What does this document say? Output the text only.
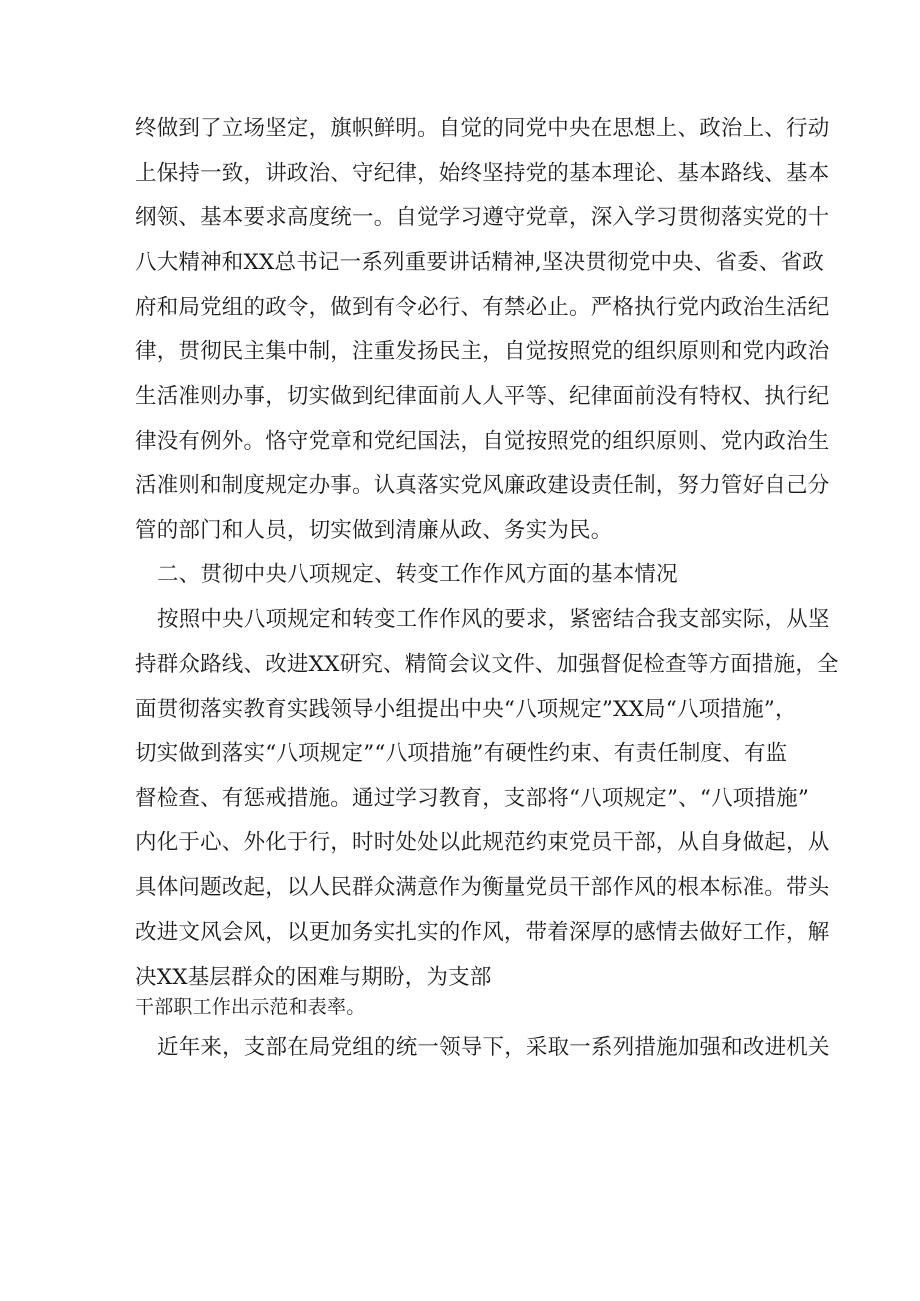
终做到了立场坚定，旗帜鲜明。自觉的同党中央在思想上、政治上、行动
上保持一致，讲政治、守纪律，始终坚持党的基本理论、基本路线、基本
纲领、基本要求高度统一。自觉学习遵守党章，深入学习贯彻落实党的十
八大精神和XX总书记一系列重要讲话精神,坚决贯彻党中央、省委、省政
府和局党组的政令，做到有令必行、有禁必止。严格执行党内政治生活纪
律，贯彻民主集中制，注重发扬民主，自觉按照党的组织原则和党内政治
生活准则办事，切实做到纪律面前人人平等、纪律面前没有特权、执行纪
律没有例外。恪守党章和党纪国法，自觉按照党的组织原则、党内政治生
活准则和制度规定办事。认真落实党风廉政建设责任制，努力管好自己分
管的部门和人员，切实做到清廉从政、务实为民。
二、贯彻中央八项规定、转变工作作风方面的基本情况
按照中央八项规定和转变工作作风的要求，紧密结合我支部实际，从坚
持群众路线、改进XX研究、精简会议文件、加强督促检查等方面措施，全
面贯彻落实教育实践领导小组提出中央“八项规定”XX局“八项措施”，
切实做到落实“八项规定”“八项措施”有硬性约束、有责任制度、有监
督检查、有惩戒措施。通过学习教育，支部将“八项规定”、“八项措施”
内化于心、外化于行，时时处处以此规范约束党员干部，从自身做起，从
具体问题改起，以人民群众满意作为衡量党员干部作风的根本标准。带头
改进文风会风，以更加务实扎实的作风，带着深厚的感情去做好工作，解
决XX基层群众的困难与期盼，为支部
干部职工作出示范和表率。
近年来，支部在局党组的统一领导下，采取一系列措施加强和改进机关
